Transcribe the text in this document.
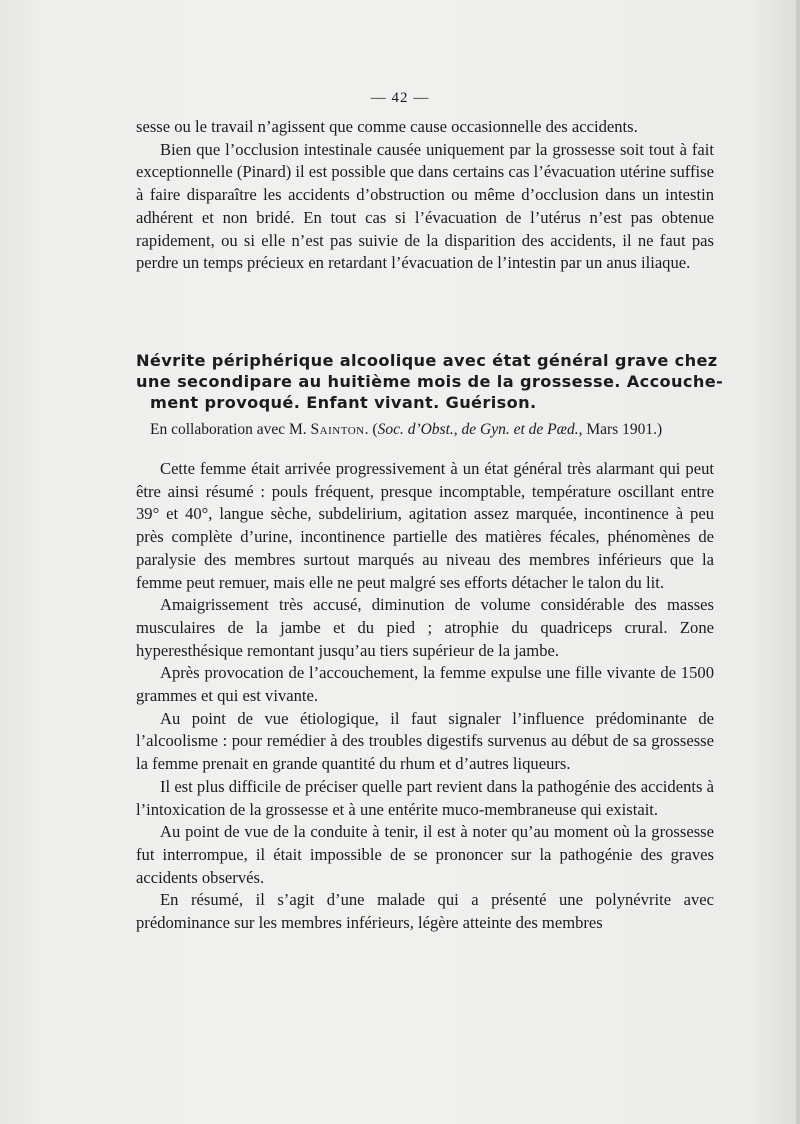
— 42 —

sesse ou le travail n’agissent que comme cause occasionnelle des accidents.

Bien que l’occlusion intestinale causée uniquement par la grossesse soit tout à fait exceptionnelle (Pinard) il est possible que dans certains cas l’évacuation utérine suffise à faire disparaître les accidents d’obstruction ou même d’occlusion dans un intestin adhérent et non bridé. En tout cas si l’évacuation de l’utérus n’est pas obtenue rapidement, ou si elle n’est pas suivie de la disparition des accidents, il ne faut pas perdre un temps précieux en retardant l’évacuation de l’intestin par un anus iliaque.

Névrite périphérique alcoolique avec état général grave chez une secondipare au huitième mois de la grossesse. Accouche-
ment provoqué. Enfant vivant. Guérison.
En collaboration avec M. Sainton. (Soc. d’Obst., de Gyn. et de Pæd., Mars 1901.)

Cette femme était arrivée progressivement à un état général très alarmant qui peut être ainsi résumé : pouls fréquent, presque incomptable, température oscillant entre 39° et 40°, langue sèche, subdelirium, agitation assez marquée, incontinence à peu près complète d’urine, incontinence partielle des matières fécales, phénomènes de paralysie des membres surtout marqués au niveau des membres inférieurs que la femme peut remuer, mais elle ne peut malgré ses efforts détacher le talon du lit.

Amaigrissement très accusé, diminution de volume considérable des masses musculaires de la jambe et du pied ; atrophie du quadriceps crural. Zone hyperesthésique remontant jusqu’au tiers supérieur de la jambe.

Après provocation de l’accouchement, la femme expulse une fille vivante de 1500 grammes et qui est vivante.

Au point de vue étiologique, il faut signaler l’influence prédominante de l’alcoolisme : pour remédier à des troubles digestifs survenus au début de sa grossesse la femme prenait en grande quantité du rhum et d’autres liqueurs.

Il est plus difficile de préciser quelle part revient dans la pathogénie des accidents à l’intoxication de la grossesse et à une entérite muco-membraneuse qui existait.

Au point de vue de la conduite à tenir, il est à noter qu’au moment où la grossesse fut interrompue, il était impossible de se prononcer sur la pathogénie des graves accidents observés.

En résumé, il s’agit d’une malade qui a présenté une polynévrite avec prédominance sur les membres inférieurs, légère atteinte des membres
